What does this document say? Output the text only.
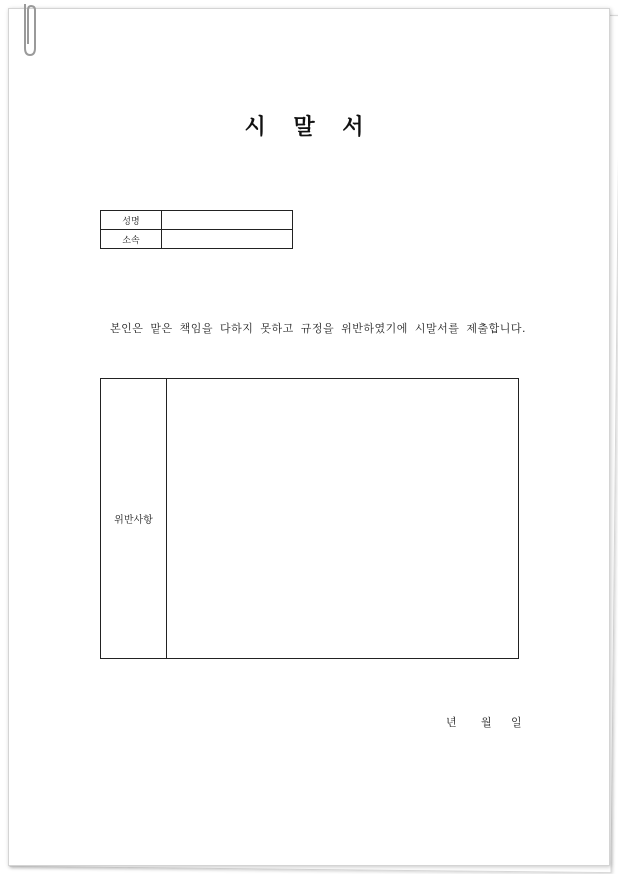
시 말 서
성명	
소속	
본인은 맡은 책임을 다하지 못하고 규정을 위반하였기에 시말서를 제출합니다.
위반사항
년 월 일
